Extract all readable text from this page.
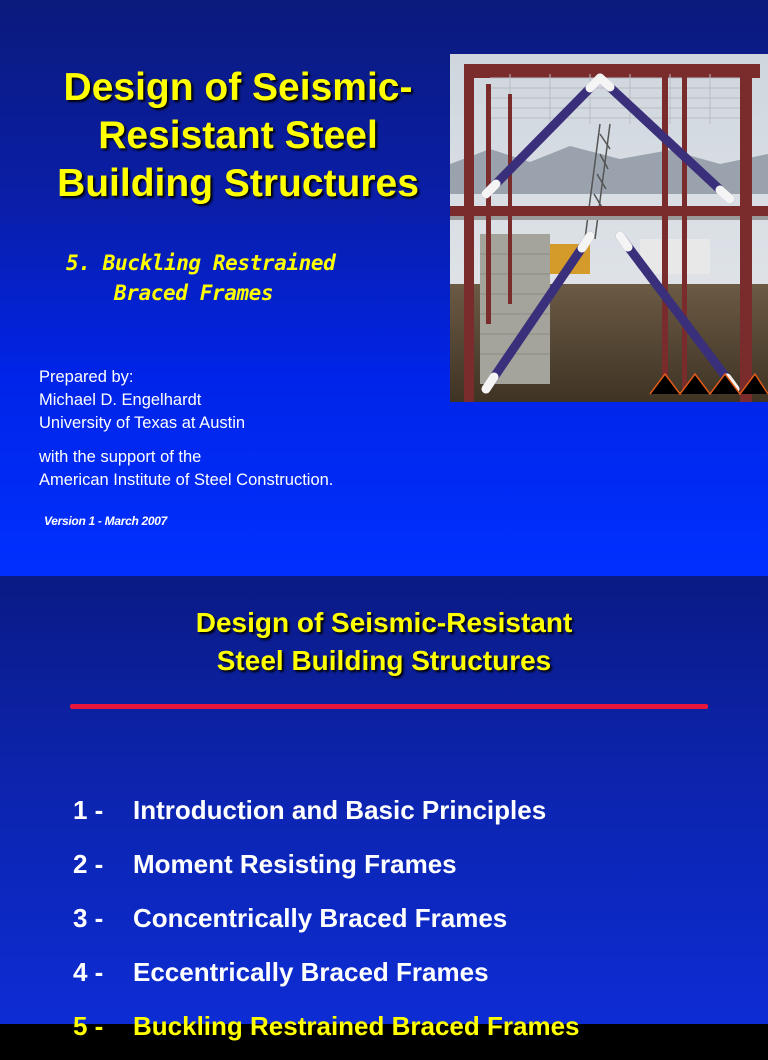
Design of Seismic-
Resistant Steel
Building Structures
5. Buckling Restrained
Braced Frames
Prepared by:
Michael D. Engelhardt
University of Texas at Austin
with the support of the
American Institute of Steel Construction.
Version 1 - March 2007
Design of Seismic-Resistant
Steel Building Structures
1 - Introduction and Basic Principles
2 - Moment Resisting Frames
3 - Concentrically Braced Frames
4 - Eccentrically Braced Frames
5 - Buckling Restrained Braced Frames
